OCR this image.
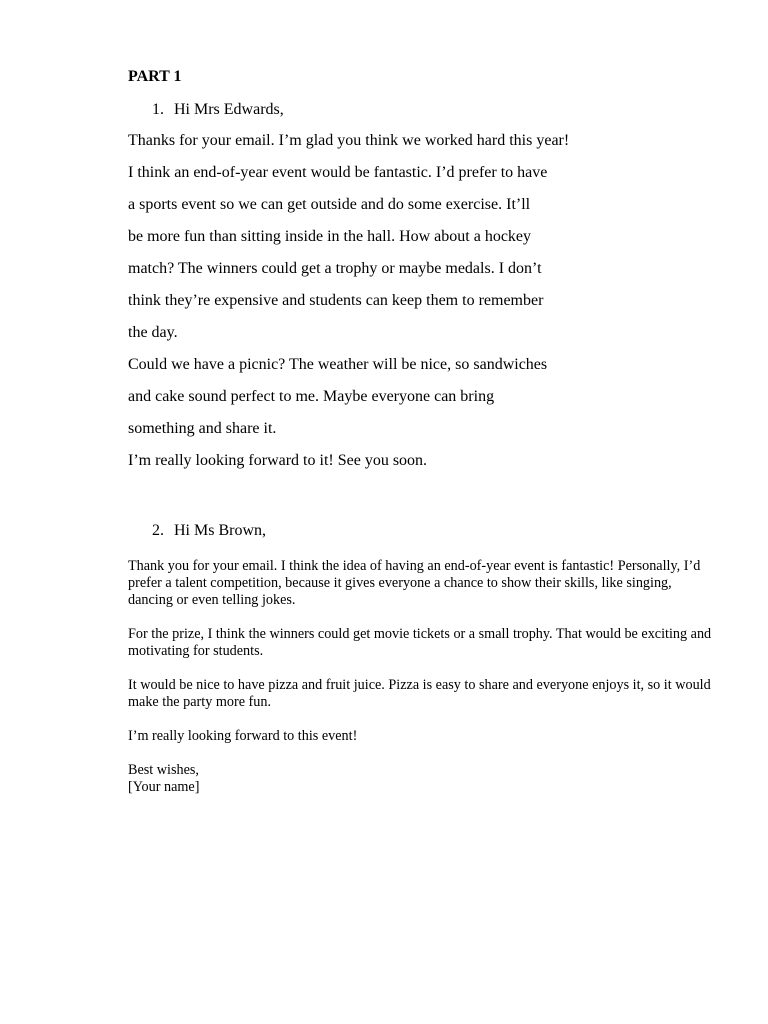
PART 1
1. Hi Mrs Edwards,
Thanks for your email. I’m glad you think we worked hard this year!
I think an end-of-year event would be fantastic. I’d prefer to have
a sports event so we can get outside and do some exercise. It’ll
be more fun than sitting inside in the hall. How about a hockey
match? The winners could get a trophy or maybe medals. I don’t
think they’re expensive and students can keep them to remember
the day.
Could we have a picnic? The weather will be nice, so sandwiches
and cake sound perfect to me. Maybe everyone can bring
something and share it.
I’m really looking forward to it! See you soon.
2. Hi Ms Brown,

Thank you for your email. I think the idea of having an end-of-year event is fantastic! Personally, I’d prefer a talent competition, because it gives everyone a chance to show their skills, like singing, dancing or even telling jokes.

For the prize, I think the winners could get movie tickets or a small trophy. That would be exciting and motivating for students.

It would be nice to have pizza and fruit juice. Pizza is easy to share and everyone enjoys it, so it would make the party more fun.

I’m really looking forward to this event!

Best wishes,

[Your name]
